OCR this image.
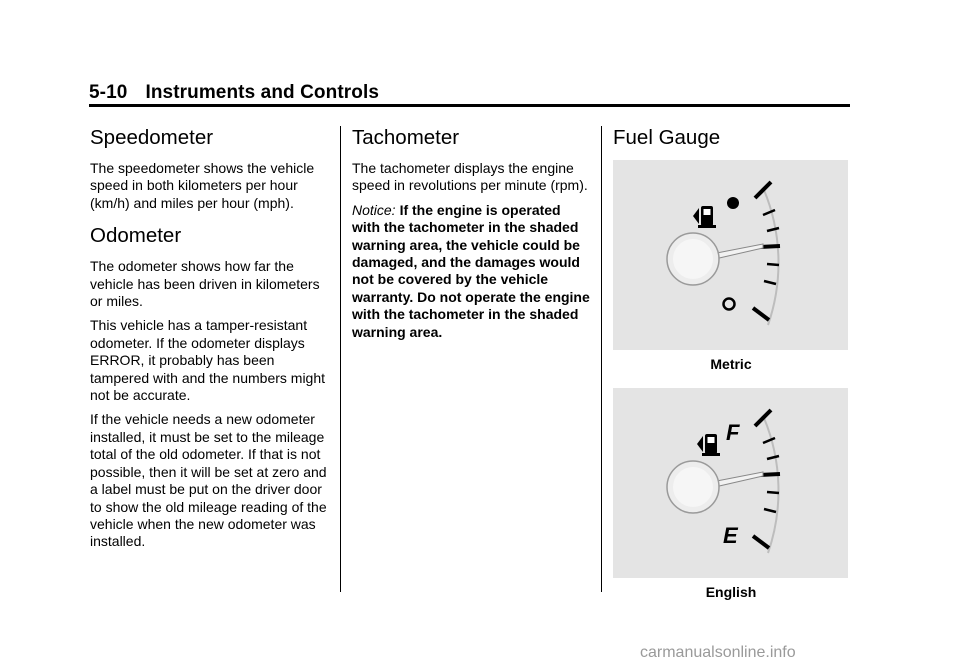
5-10 Instruments and Controls
Speedometer

The speedometer shows the vehicle speed in both kilometers per hour (km/h) and miles per hour (mph).

Odometer

The odometer shows how far the vehicle has been driven in kilometers or miles.

This vehicle has a tamper-resistant odometer. If the odometer displays ERROR, it probably has been tampered with and the numbers might not be accurate.

If the vehicle needs a new odometer installed, it must be set to the mileage total of the old odometer. If that is not possible, then it will be set at zero and a label must be put on the driver door to show the old mileage reading of the vehicle when the new odometer was installed.

Tachometer

The tachometer displays the engine speed in revolutions per minute (rpm).

Notice: If the engine is operated with the tachometer in the shaded warning area, the vehicle could be damaged, and the damages would not be covered by the vehicle warranty. Do not operate the engine with the tachometer in the shaded warning area.

Fuel Gauge
Metric
F
E
English
carmanualsonline.info
